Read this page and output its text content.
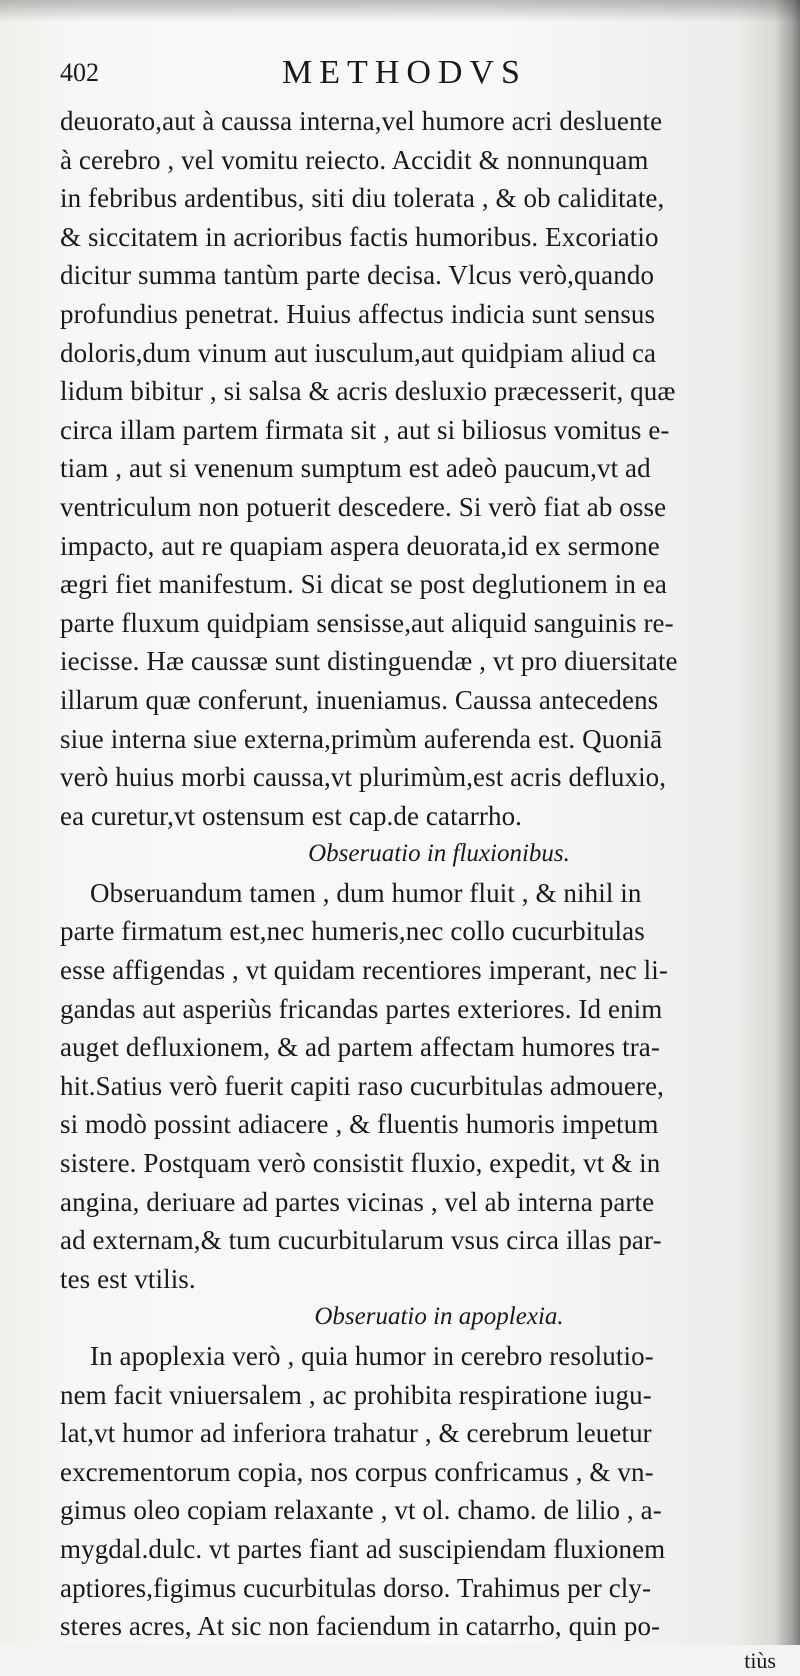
402	METHODVS
deuorato,aut à caussa interna,vel humore acri desluente
à cerebro , vel vomitu reiecto. Accidit & nonnunquam
in febribus ardentibus, siti diu tolerata , & ob caliditate,
& siccitatem in acrioribus factis humoribus. Excoriatio
dicitur summa tantùm parte decisa. Vlcus verò,quando
profundius penetrat. Huius affectus indicia sunt sensus
doloris,dum vinum aut iusculum,aut quidpiam aliud ca
lidum bibitur , si salsa & acris desluxio præcesserit, quæ
circa illam partem firmata sit , aut si biliosus vomitus e-
tiam , aut si venenum sumptum est adeò paucum,vt ad
ventriculum non potuerit descedere. Si verò fiat ab osse
impacto, aut re quapiam aspera deuorata,id ex sermone
ægri fiet manifestum. Si dicat se post deglutionem in ea
parte fluxum quidpiam sensisse,aut aliquid sanguinis re-
iecisse. Hæ caussæ sunt distinguendæ , vt pro diuersitate
illarum quæ conferunt, inueniamus. Caussa antecedens
siue interna siue externa,primùm auferenda est. Quoniā
verò huius morbi caussa,vt plurimùm,est acris defluxio,
ea curetur,vt ostensum est cap.de catarrho.
Obseruatio in fluxionibus.
Obseruandum tamen , dum humor fluit , & nihil in
parte firmatum est,nec humeris,nec collo cucurbitulas
esse affigendas , vt quidam recentiores imperant, nec li-
gandas aut asperiùs fricandas partes exteriores. Id enim
auget defluxionem, & ad partem affectam humores tra-
hit.Satius verò fuerit capiti raso cucurbitulas admouere,
si modò possint adiacere , & fluentis humoris impetum
sistere. Postquam verò consistit fluxio, expedit, vt & in
angina, deriuare ad partes vicinas , vel ab interna parte
ad externam,& tum cucurbitularum vsus circa illas par-
tes est vtilis.
Obseruatio in apoplexia.
In apoplexia verò , quia humor in cerebro resolutio-
nem facit vniuersalem , ac prohibita respiratione iugu-
lat,vt humor ad inferiora trahatur , & cerebrum leuetur
excrementorum copia, nos corpus confricamus , & vn-
gimus oleo copiam relaxante , vt ol. chamo. de lilio , a-
mygdal.dulc. vt partes fiant ad suscipiendam fluxionem
aptiores,figimus cucurbitulas dorso. Trahimus per cly-
steres acres, At sic non faciendum in catarrho, quin po-
tiùs
